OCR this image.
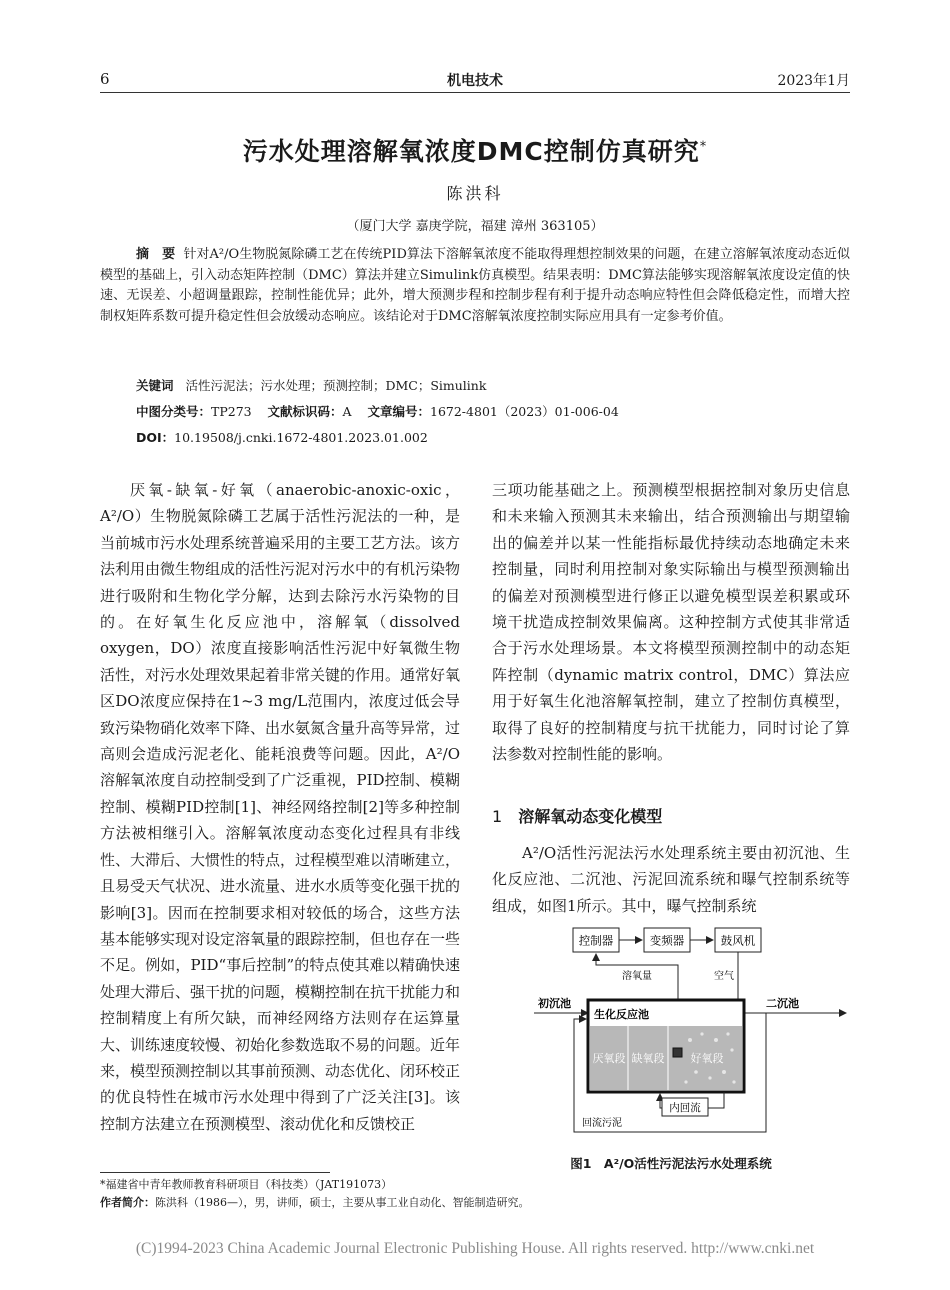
6	机电技术	2023年1月
污水处理溶解氧浓度DMC控制仿真研究*
陈洪科
（厦门大学 嘉庚学院，福建 漳州 363105）
摘　要 针对A²/O生物脱氮除磷工艺在传统PID算法下溶解氧浓度不能取得理想控制效果的问题，在建立溶解氧浓度动态近似模型的基础上，引入动态矩阵控制（DMC）算法并建立Simulink仿真模型。结果表明：DMC算法能够实现溶解氧浓度设定值的快速、无误差、小超调量跟踪，控制性能优异；此外，增大预测步程和控制步程有利于提升动态响应特性但会降低稳定性，而增大控制权矩阵系数可提升稳定性但会放缓动态响应。该结论对于DMC溶解氧浓度控制实际应用具有一定参考价值。
关键词 活性污泥法；污水处理；预测控制；DMC；Simulink
中图分类号：TP273 文献标识码：A 文章编号：1672-4801（2023）01-006-04
DOI：10.19508/j.cnki.1672-4801.2023.01.002

厌氧-缺氧-好氧（anaerobic-anoxic-oxic，A²/O）生物脱氮除磷工艺属于活性污泥法的一种，是当前城市污水处理系统普遍采用的主要工艺方法。该方法利用由微生物组成的活性污泥对污水中的有机污染物进行吸附和生物化学分解，达到去除污水污染物的目的。在好氧生化反应池中，溶解氧（dissolved oxygen，DO）浓度直接影响活性污泥中好氧微生物活性，对污水处理效果起着非常关键的作用。通常好氧区DO浓度应保持在1~3 mg/L范围内，浓度过低会导致污染物硝化效率下降、出水氨氮含量升高等异常，过高则会造成污泥老化、能耗浪费等问题。因此，A²/O溶解氧浓度自动控制受到了广泛重视，PID控制、模糊控制、模糊PID控制[1]、神经网络控制[2]等多种控制方法被相继引入。溶解氧浓度动态变化过程具有非线性、大滞后、大惯性的特点，过程模型难以清晰建立，且易受天气状况、进水流量、进水水质等变化强干扰的影响[3]。因而在控制要求相对较低的场合，这些方法基本能够实现对设定溶氧量的跟踪控制，但也存在一些不足。例如，PID“事后控制”的特点使其难以精确快速处理大滞后、强干扰的问题，模糊控制在抗干扰能力和控制精度上有所欠缺，而神经网络方法则存在运算量大、训练速度较慢、初始化参数选取不易的问题。近年来，模型预测控制以其事前预测、动态优化、闭环校正的优良特性在城市污水处理中得到了广泛关注[3]。该控制方法建立在预测模型、滚动优化和反馈校正

三项功能基础之上。预测模型根据控制对象历史信息和未来输入预测其未来输出，结合预测输出与期望输出的偏差并以某一性能指标最优持续动态地确定未来控制量，同时利用控制对象实际输出与模型预测输出的偏差对预测模型进行修正以避免模型误差积累或环境干扰造成控制效果偏离。这种控制方式使其非常适合于污水处理场景。本文将模型预测控制中的动态矩阵控制（dynamic matrix control，DMC）算法应用于好氧生化池溶解氧控制，建立了控制仿真模型，取得了良好的控制精度与抗干扰能力，同时讨论了算法参数对控制性能的影响。

1 溶解氧动态变化模型

A²/O活性污泥法污水处理系统主要由初沉池、生化反应池、二沉池、污泥回流系统和曝气控制系统等组成，如图1所示。其中，曝气控制系统

控制器	变频器	鼓风机
溶氧量	空气
初沉池	二沉池
生化反应池
厌氧段 缺氧段 好氧段
内回流
回流污泥
图1　A²/O活性污泥法污水处理系统
*福建省中青年教师教育科研项目（科技类）（JAT191073）
作者简介：陈洪科（1986—），男，讲师，硕士，主要从事工业自动化、智能制造研究。
(C)1994-2023 China Academic Journal Electronic Publishing House. All rights reserved. http://www.cnki.net
